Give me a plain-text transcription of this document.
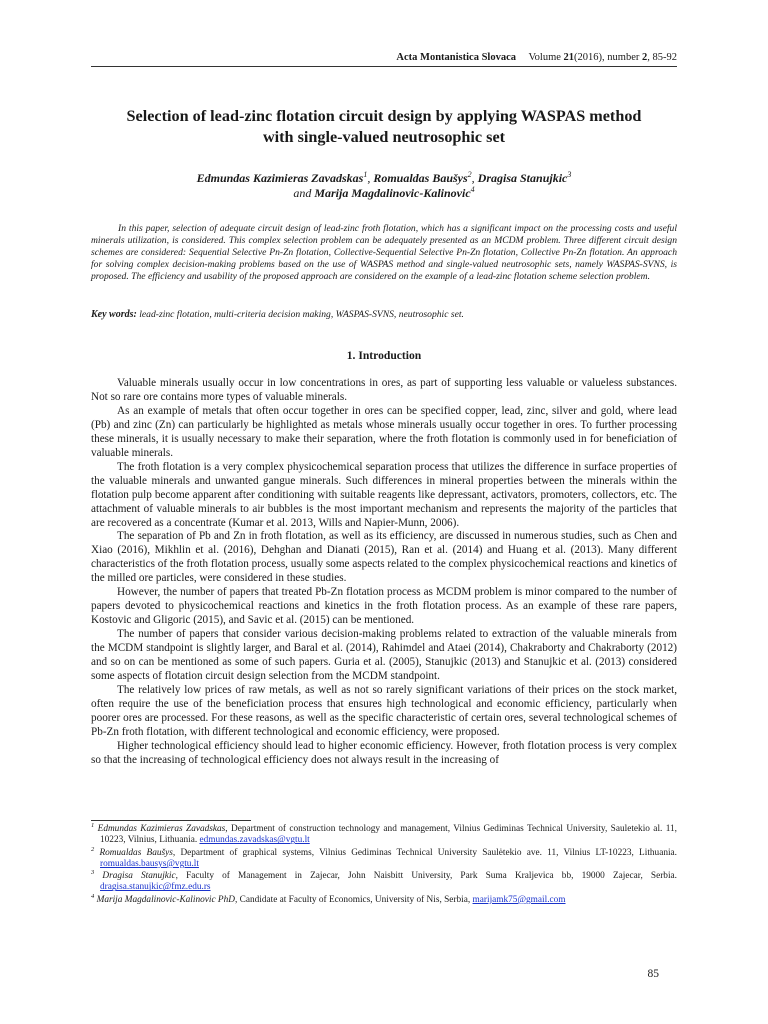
Acta Montanistica Slovaca Volume 21(2016), number 2, 85-92
Selection of lead-zinc flotation circuit design by applying WASPAS method
with single-valued neutrosophic set
Edmundas Kazimieras Zavadskas$^1$, Romualdas Baušys$^2$, Dragisa Stanujkic$^3$
and Marija Magdalinovic-Kalinovic$^4$

In this paper, selection of adequate circuit design of lead-zinc froth flotation, which has a significant impact on the processing costs and useful minerals utilization, is considered. This complex selection problem can be adequately presented as an MCDM problem. Three different circuit design schemes are considered: Sequential Selective Pn-Zn flotation, Collective-Sequential Selective Pn-Zn flotation, Collective Pn-Zn flotation. An approach for solving complex decision-making problems based on the use of WASPAS method and single-valued neutrosophic sets, namely WASPAS-SVNS, is proposed. The efficiency and usability of the proposed approach are considered on the example of a lead-zinc flotation scheme selection problem.

Key words: lead-zinc flotation, multi-criteria decision making, WASPAS-SVNS, neutrosophic set.

1. Introduction

Valuable minerals usually occur in low concentrations in ores, as part of supporting less valuable or valueless substances. Not so rare ore contains more types of valuable minerals.

As an example of metals that often occur together in ores can be specified copper, lead, zinc, silver and gold, where lead (Pb) and zinc (Zn) can particularly be highlighted as metals whose minerals usually occur together in ores. To further processing these minerals, it is usually necessary to make their separation, where the froth flotation is commonly used in for beneficiation of valuable minerals.

The froth flotation is a very complex physicochemical separation process that utilizes the difference in surface properties of the valuable minerals and unwanted gangue minerals. Such differences in mineral properties between the minerals within the flotation pulp become apparent after conditioning with suitable reagents like depressant, activators, promoters, collectors, etc. The attachment of valuable minerals to air bubbles is the most important mechanism and represents the majority of the particles that are recovered as a concentrate (Kumar et al. 2013, Wills and Napier-Munn, 2006).

The separation of Pb and Zn in froth flotation, as well as its efficiency, are discussed in numerous studies, such as Chen and Xiao (2016), Mikhlin et al. (2016), Dehghan and Dianati (2015), Ran et al. (2014) and Huang et al. (2013). Many different characteristics of the froth flotation process, usually some aspects related to the complex physicochemical reactions and kinetics of the milled ore particles, were considered in these studies.

However, the number of papers that treated Pb-Zn flotation process as MCDM problem is minor compared to the number of papers devoted to physicochemical reactions and kinetics in the froth flotation process. As an example of these rare papers, Kostovic and Gligoric (2015), and Savic et al. (2015) can be mentioned.

The number of papers that consider various decision-making problems related to extraction of the valuable minerals from the MCDM standpoint is slightly larger, and Baral et al. (2014), Rahimdel and Ataei (2014), Chakraborty and Chakraborty (2012) and so on can be mentioned as some of such papers. Guria et al. (2005), Stanujkic (2013) and Stanujkic et al. (2013) considered some aspects of flotation circuit design selection from the MCDM standpoint.

The relatively low prices of raw metals, as well as not so rarely significant variations of their prices on the stock market, often require the use of the beneficiation process that ensures high technological and economic efficiency, particularly when poorer ores are processed. For these reasons, as well as the specific characteristic of certain ores, several technological schemes of Pb-Zn froth flotation, with different technological and economic efficiency, were proposed.

Higher technological efficiency should lead to higher economic efficiency. However, froth flotation process is very complex so that the increasing of technological efficiency does not always result in the increasing of

$^1$ Edmundas Kazimieras Zavadskas, Department of construction technology and management, Vilnius Gediminas Technical University, Sauletekio al. 11, 10223, Vilnius, Lithuania. edmundas.zavadskas@vgtu.lt

$^2$ Romualdas Baušys, Department of graphical systems, Vilnius Gediminas Technical University Saulėtekio ave. 11, Vilnius LT-10223, Lithuania. romualdas.bausys@vgtu.lt

$^3$ Dragisa Stanujkic, Faculty of Management in Zajecar, John Naisbitt University, Park Suma Kraljevica bb, 19000 Zajecar, Serbia. dragisa.stanujkic@fmz.edu.rs

$^4$ Marija Magdalinovic-Kalinovic PhD, Candidate at Faculty of Economics, University of Nis, Serbia, marijamk75@gmail.com

85
